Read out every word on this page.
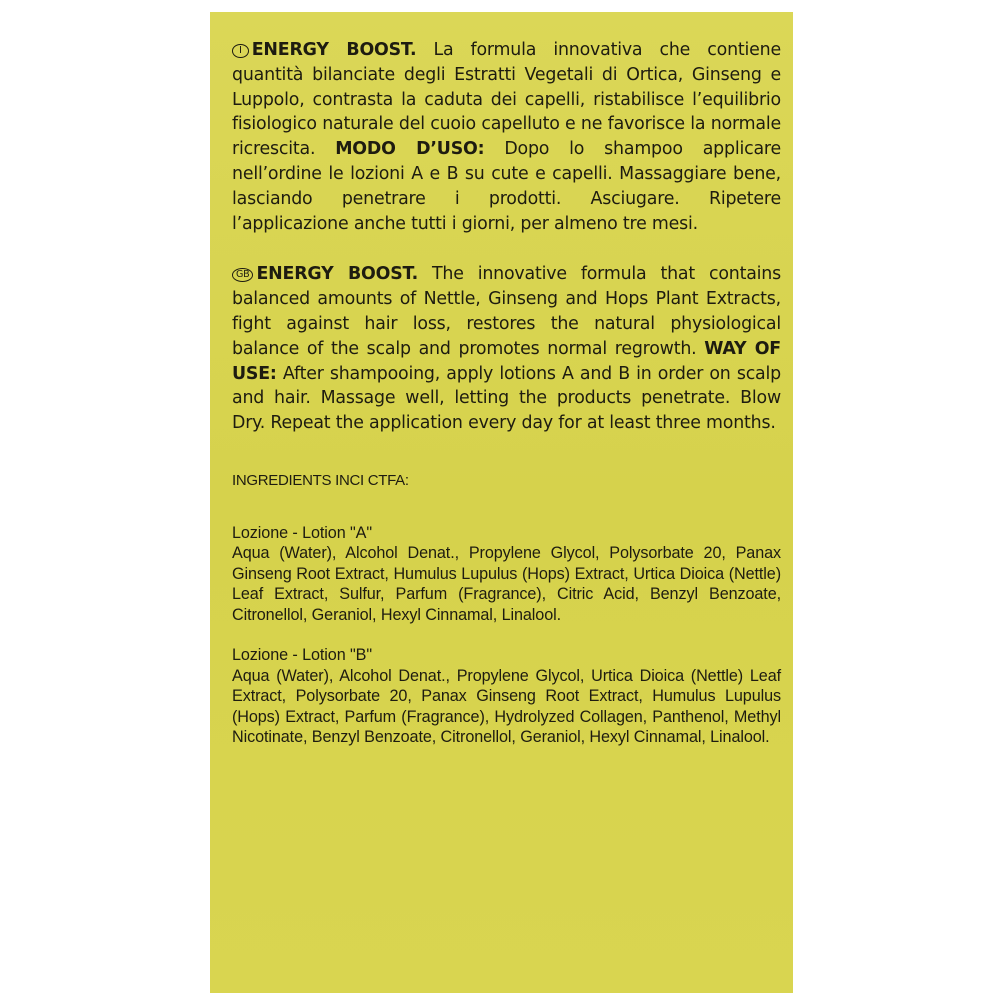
I ENERGY BOOST. La formula innovativa che contiene quantità bilanciate degli Estratti Vegetali di Ortica, Ginseng e Luppolo, contrasta la caduta dei capelli, ristabilisce l’equilibrio fisiologico naturale del cuoio capelluto e ne favorisce la normale ricrescita. MODO D’USO: Dopo lo shampoo applicare nell’ordine le lozioni A e B su cute e capelli. Massaggiare bene, lasciando penetrare i prodotti. Asciugare. Ripetere l’applicazione anche tutti i giorni, per almeno tre mesi.

GB ENERGY BOOST. The innovative formula that contains balanced amounts of Nettle, Ginseng and Hops Plant Extracts, fight against hair loss, restores the natural physiological balance of the scalp and promotes normal regrowth. WAY OF USE: After shampooing, apply lotions A and B in order on scalp and hair. Massage well, letting the products penetrate. Blow Dry. Repeat the application every day for at least three months.

INGREDIENTS INCI CTFA:
Lozione - Lotion "A"
Aqua (Water), Alcohol Denat., Propylene Glycol, Polysorbate 20, Panax Ginseng Root Extract, Humulus Lupulus (Hops) Extract, Urtica Dioica (Nettle) Leaf Extract, Sulfur, Parfum (Fragrance), Citric Acid, Benzyl Benzoate, Citronellol, Geraniol, Hexyl Cinnamal, Linalool.
Lozione - Lotion "B"
Aqua (Water), Alcohol Denat., Propylene Glycol, Urtica Dioica (Nettle) Leaf Extract, Polysorbate 20, Panax Ginseng Root Extract, Humulus Lupulus (Hops) Extract, Parfum (Fragrance), Hydrolyzed Collagen, Panthenol, Methyl Nicotinate, Benzyl Benzoate, Citronellol, Geraniol, Hexyl Cinnamal, Linalool.
